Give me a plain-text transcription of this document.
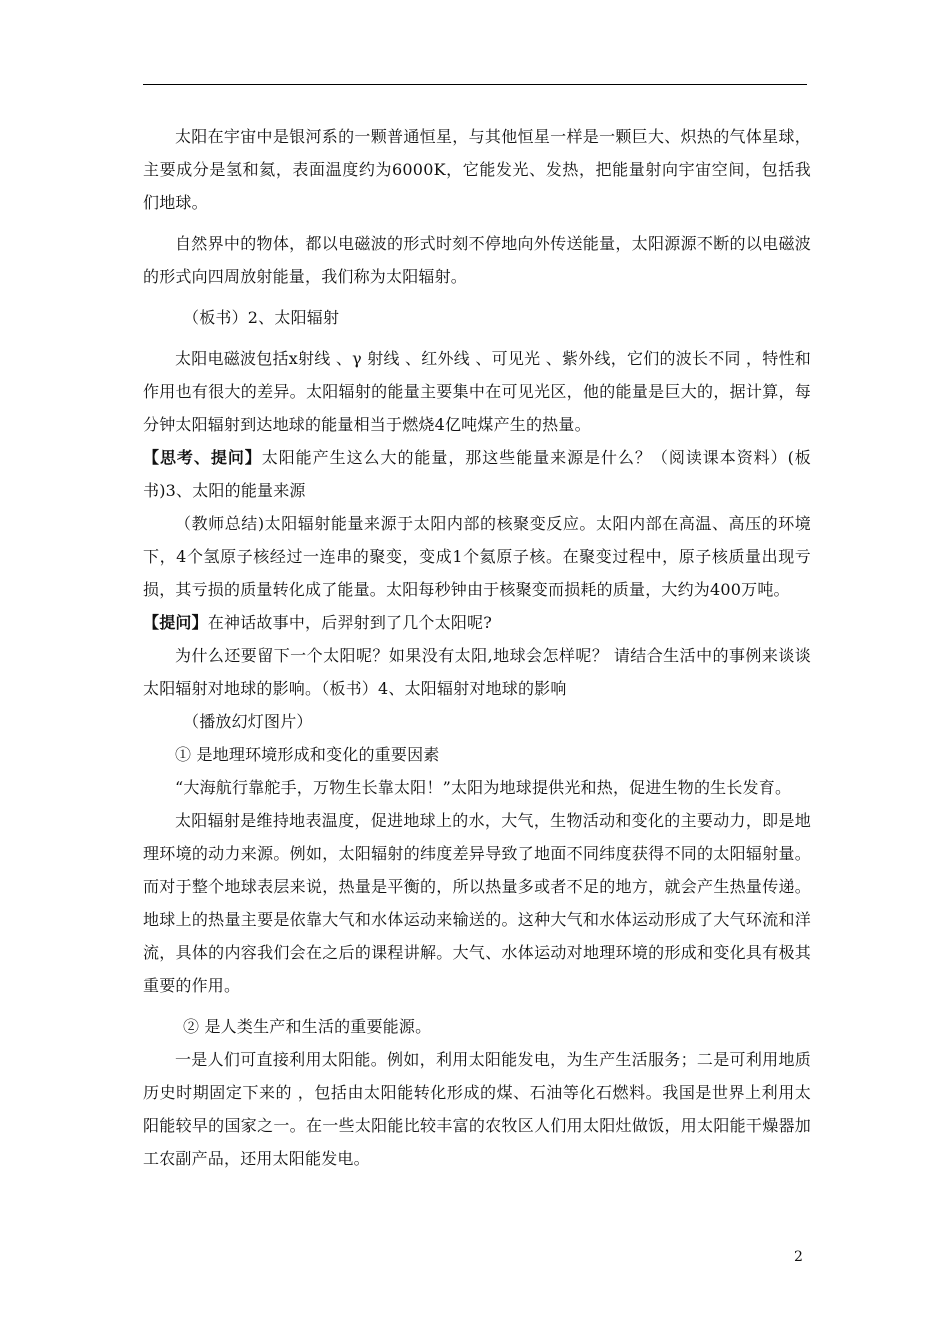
太阳在宇宙中是银河系的一颗普通恒星，与其他恒星一样是一颗巨大、炽热的气体星球，主要成分是氢和氦，表面温度约为6000K，它能发光、发热，把能量射向宇宙空间，包括我们地球。

自然界中的物体，都以电磁波的形式时刻不停地向外传送能量，太阳源源不断的以电磁波的形式向四周放射能量，我们称为太阳辐射。

（板书）2、太阳辐射

太阳电磁波包括x射线 、γ 射线 、红外线 、可见光 、紫外线，它们的波长不同 ，特性和作用也有很大的差异。太阳辐射的能量主要集中在可见光区，他的能量是巨大的，据计算，每分钟太阳辐射到达地球的能量相当于燃烧4亿吨煤产生的热量。

【思考、提问】太阳能产生这么大的能量，那这些能量来源是什么？（阅读课本资料）(板书)3、太阳的能量来源

（教师总结)太阳辐射能量来源于太阳内部的核聚变反应。太阳内部在高温、高压的环境下，4个氢原子核经过一连串的聚变，变成1个氦原子核。在聚变过程中，原子核质量出现亏损，其亏损的质量转化成了能量。太阳每秒钟由于核聚变而损耗的质量，大约为400万吨。

【提问】在神话故事中，后羿射到了几个太阳呢?

为什么还要留下一个太阳呢？如果没有太阳,地球会怎样呢？ 请结合生活中的事例来谈谈太阳辐射对地球的影响。（板书）4、太阳辐射对地球的影响

（播放幻灯图片）

① 是地理环境形成和变化的重要因素

“大海航行靠舵手，万物生长靠太阳！”太阳为地球提供光和热，促进生物的生长发育。

太阳辐射是维持地表温度，促进地球上的水，大气，生物活动和变化的主要动力，即是地理环境的动力来源。例如，太阳辐射的纬度差异导致了地面不同纬度获得不同的太阳辐射量。而对于整个地球表层来说，热量是平衡的，所以热量多或者不足的地方，就会产生热量传递。地球上的热量主要是依靠大气和水体运动来输送的。这种大气和水体运动形成了大气环流和洋流，具体的内容我们会在之后的课程讲解。大气、水体运动对地理环境的形成和变化具有极其重要的作用。

② 是人类生产和生活的重要能源。

一是人们可直接利用太阳能。例如，利用太阳能发电，为生产生活服务；二是可利用地质历史时期固定下来的 ，包括由太阳能转化形成的煤、石油等化石燃料。我国是世界上利用太阳能较早的国家之一。在一些太阳能比较丰富的农牧区人们用太阳灶做饭，用太阳能干燥器加工农副产品，还用太阳能发电。

2
